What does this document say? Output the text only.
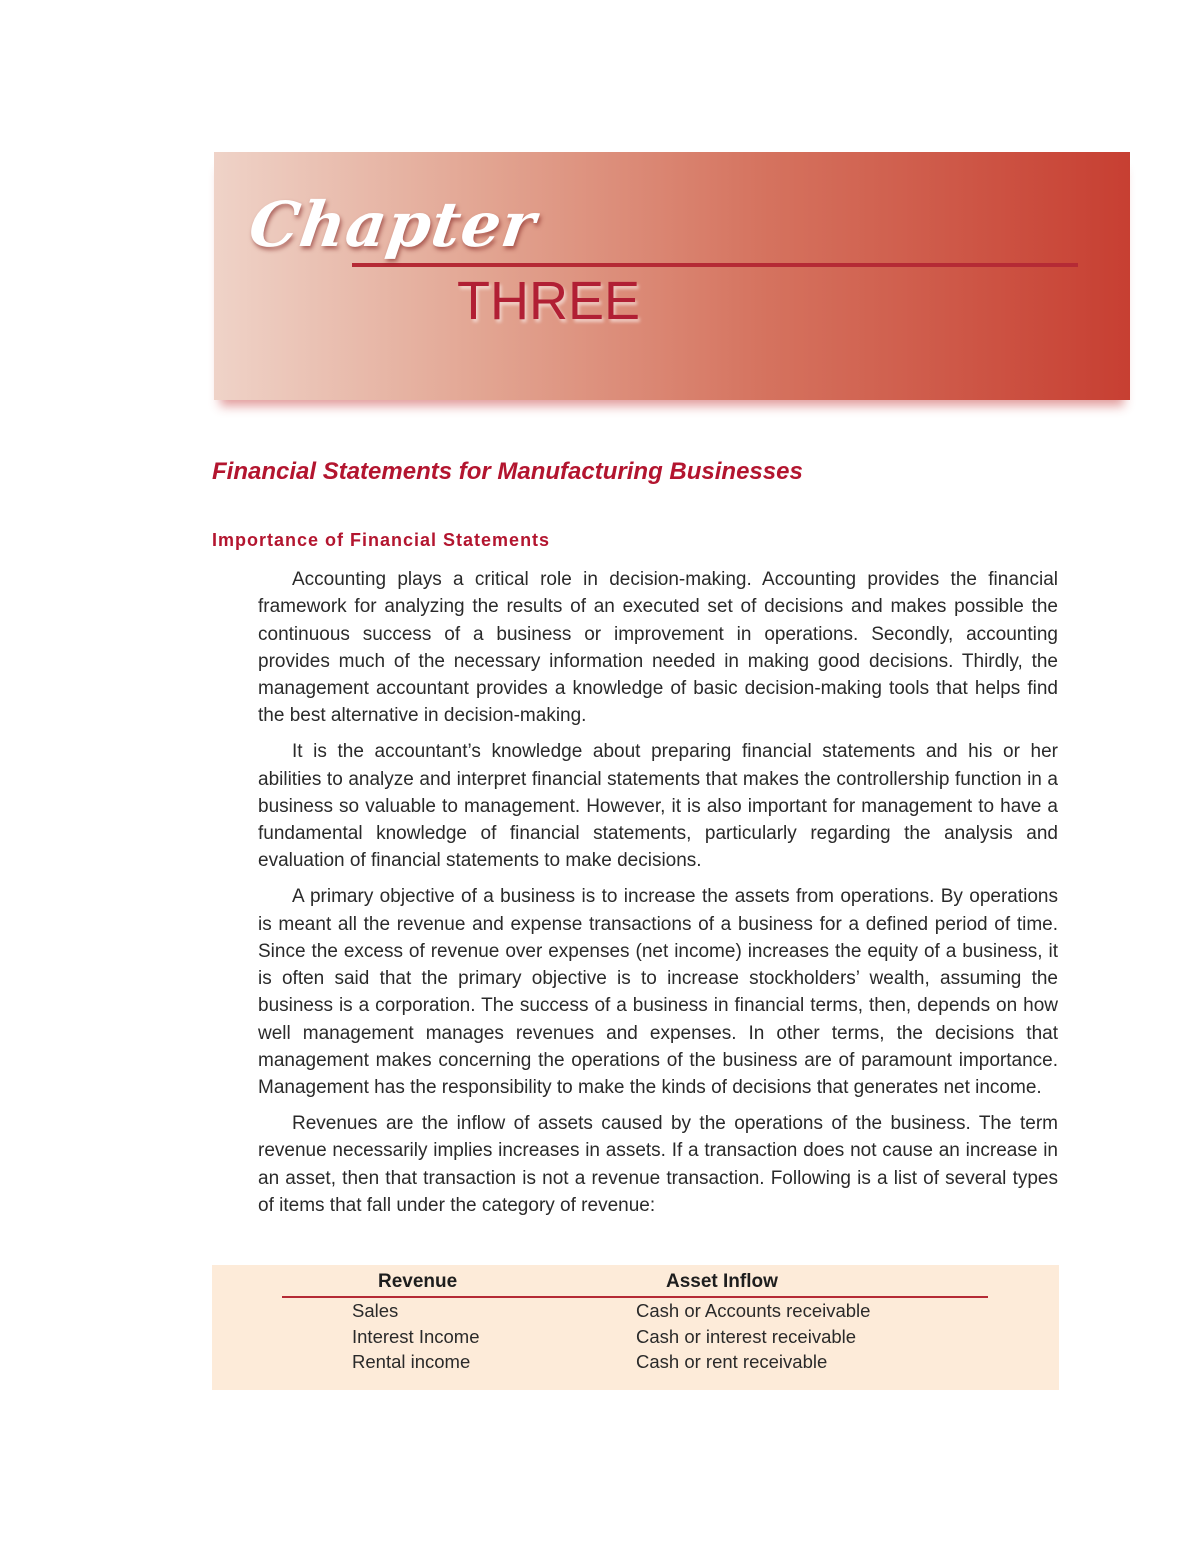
Chapter
THREE
Financial Statements for Manufacturing Businesses
Importance of Financial Statements

Accounting plays a critical role in decision-making. Accounting provides the financial framework for analyzing the results of an executed set of decisions and makes possible the continuous success of a business or improvement in operations. Secondly, accounting provides much of the necessary information needed in making good decisions. Thirdly, the management accountant provides a knowledge of basic decision-making tools that helps find the best alternative in decision-making.

It is the accountant’s knowledge about preparing financial statements and his or her abilities to analyze and interpret financial statements that makes the controllership function in a business so valuable to management. However, it is also important for management to have a fundamental knowledge of financial statements, particularly regarding the analysis and evaluation of financial statements to make decisions.

A primary objective of a business is to increase the assets from operations. By operations is meant all the revenue and expense transactions of a business for a defined period of time. Since the excess of revenue over expenses (net income) increases the equity of a business, it is often said that the primary objective is to increase stockholders’ wealth, assuming the business is a corporation. The success of a business in financial terms, then, depends on how well management manages revenues and expenses. In other terms, the decisions that management makes concerning the operations of the business are of paramount importance. Management has the responsibility to make the kinds of decisions that generates net income.

Revenues are the inflow of assets caused by the operations of the business. The term revenue necessarily implies increases in assets. If a transaction does not cause an increase in an asset, then that transaction is not a revenue transaction. Following is a list of several types of items that fall under the category of revenue:

Revenue	Asset Inflow
Sales	Cash or Accounts receivable
Interest Income	Cash or interest receivable
Rental income	Cash or rent receivable
